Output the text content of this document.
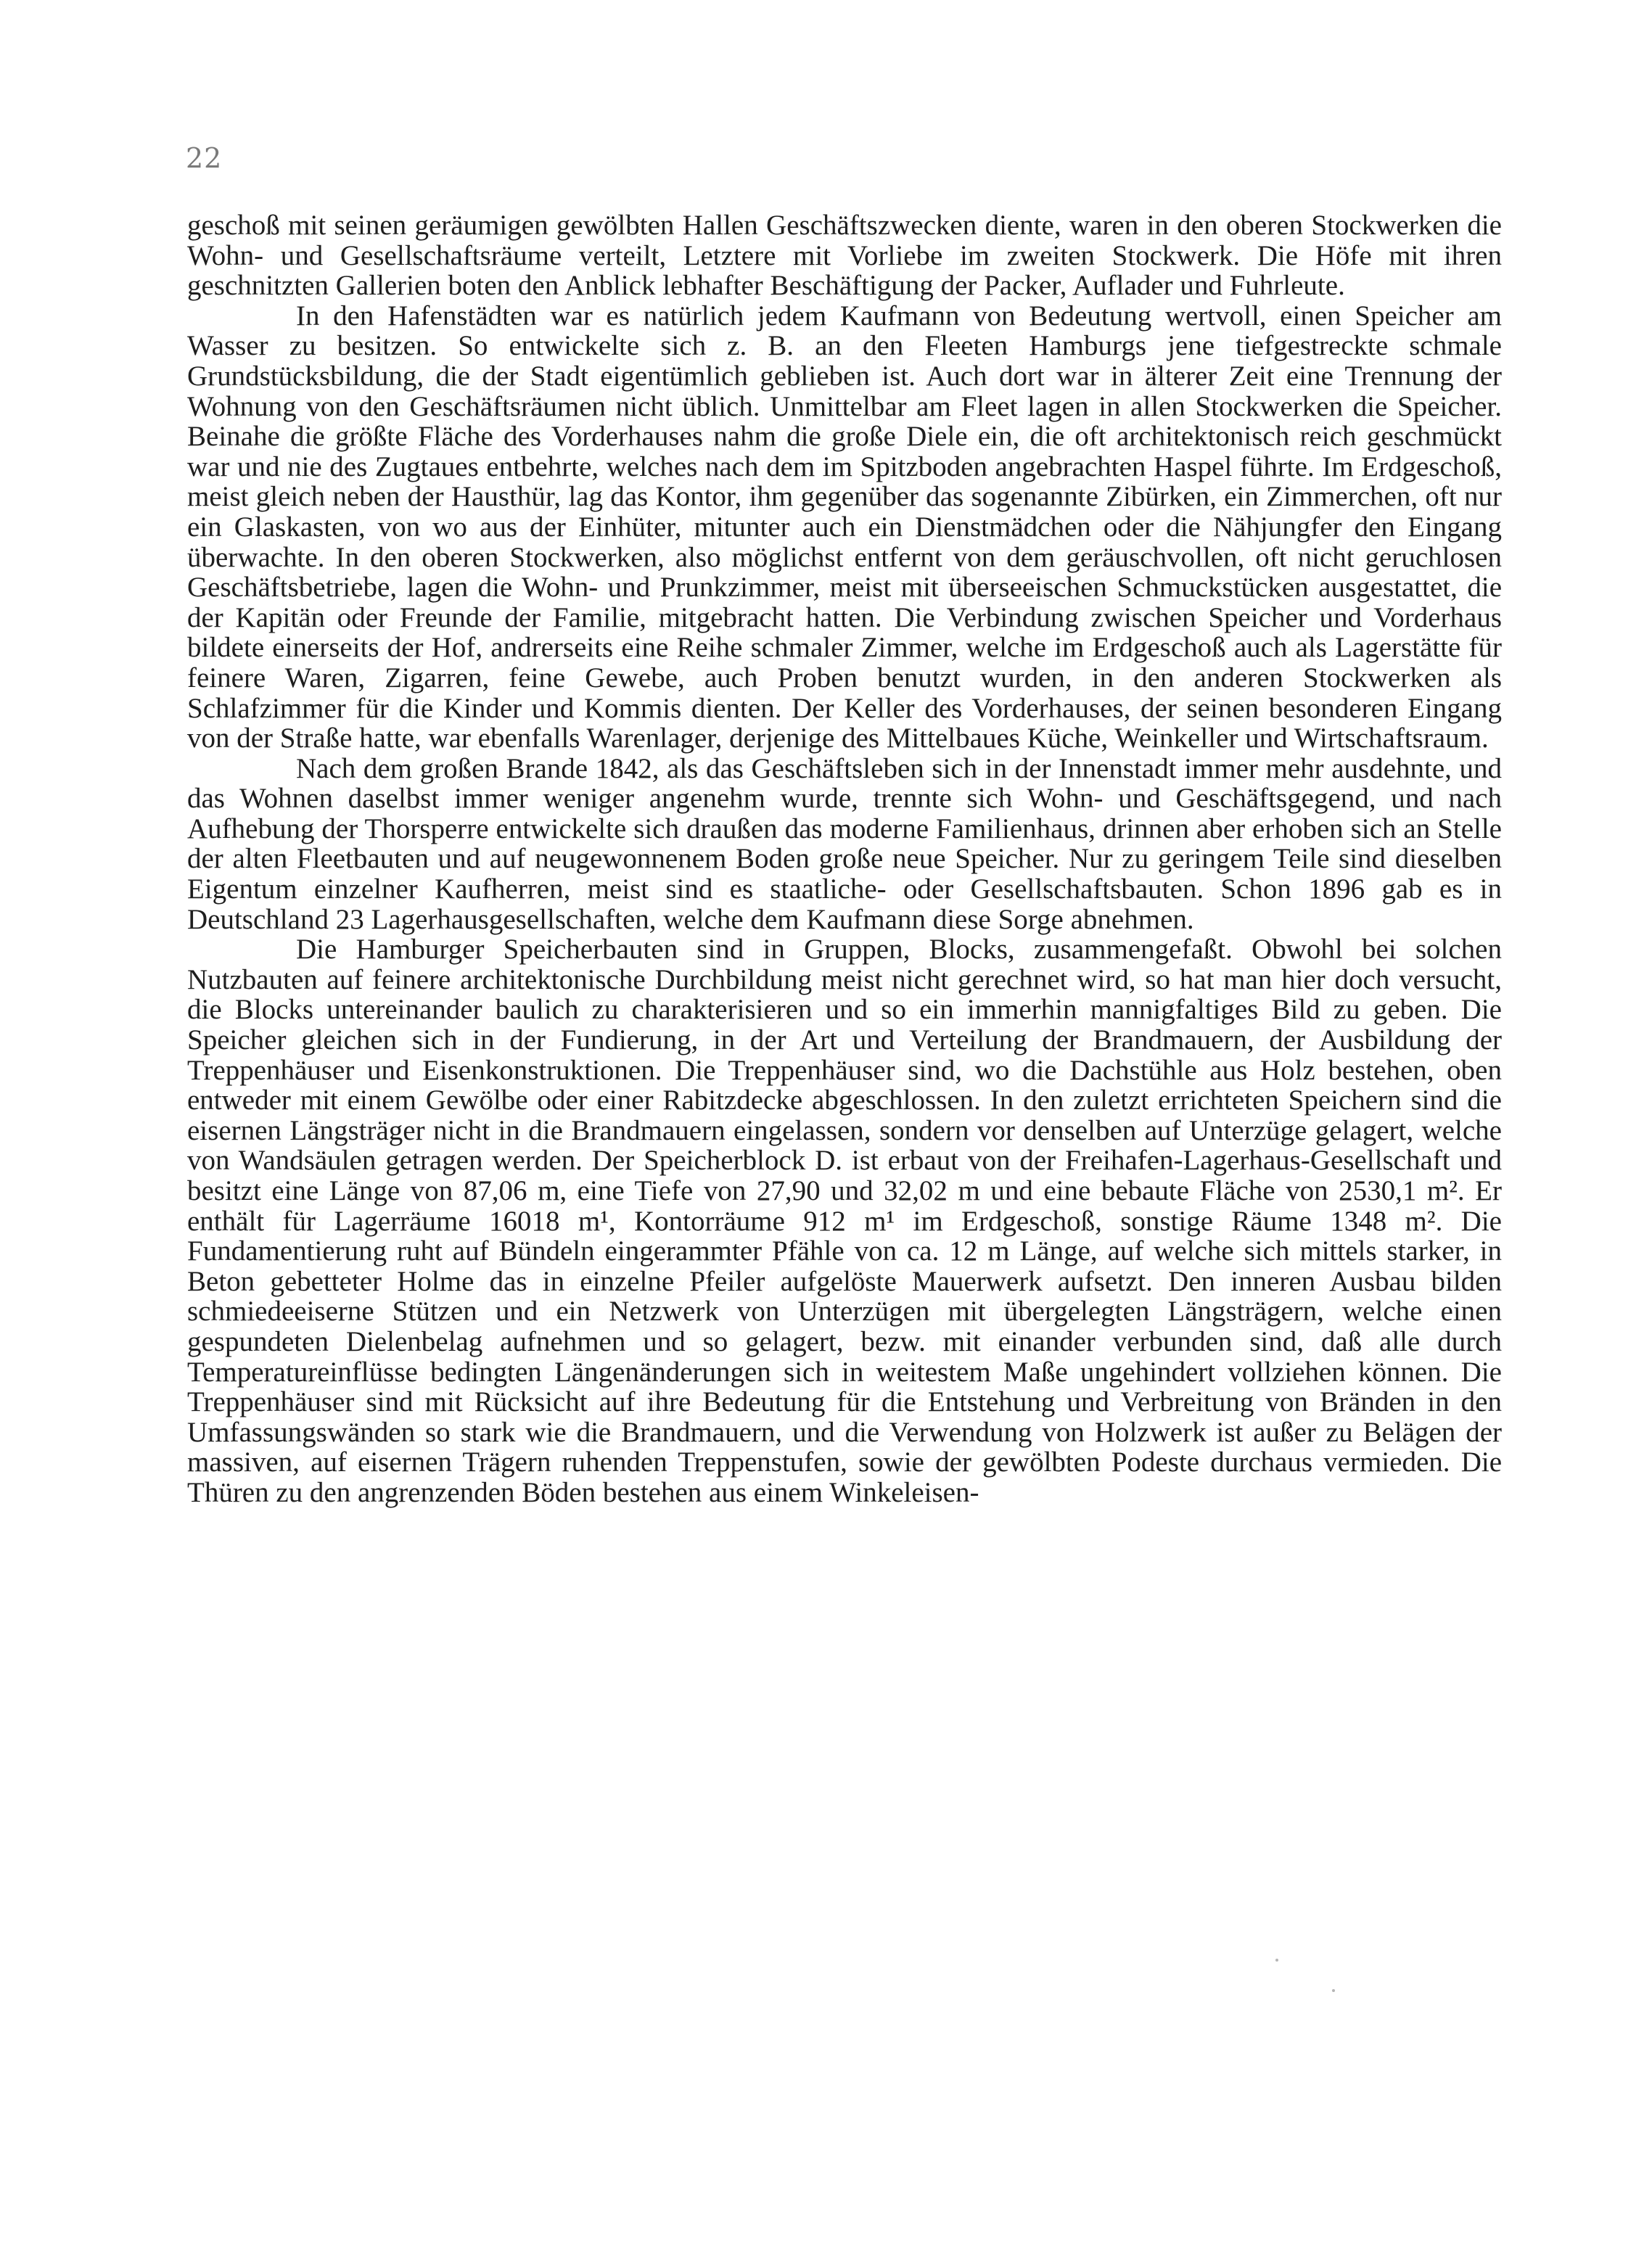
22

geschoß mit seinen geräumigen gewölbten Hallen Geschäftszwecken diente, waren in den oberen Stockwerken die Wohn- und Gesellschaftsräume verteilt, Letztere mit Vorliebe im zweiten Stockwerk. Die Höfe mit ihren geschnitzten Gallerien boten den Anblick lebhafter Beschäftigung der Packer, Auflader und Fuhrleute.

In den Hafenstädten war es natürlich jedem Kaufmann von Bedeutung wertvoll, einen Speicher am Wasser zu besitzen. So entwickelte sich z. B. an den Fleeten Hamburgs jene tiefgestreckte schmale Grundstücksbildung, die der Stadt eigentümlich geblieben ist. Auch dort war in älterer Zeit eine Trennung der Wohnung von den Geschäftsräumen nicht üblich. Unmittelbar am Fleet lagen in allen Stockwerken die Speicher. Beinahe die größte Fläche des Vorderhauses nahm die große Diele ein, die oft architektonisch reich geschmückt war und nie des Zugtaues entbehrte, welches nach dem im Spitzboden angebrachten Haspel führte. Im Erdgeschoß, meist gleich neben der Hausthür, lag das Kontor, ihm gegenüber das sogenannte Zibürken, ein Zimmerchen, oft nur ein Glaskasten, von wo aus der Einhüter, mitunter auch ein Dienstmädchen oder die Nähjungfer den Eingang überwachte. In den oberen Stockwerken, also möglichst entfernt von dem geräuschvollen, oft nicht geruchlosen Geschäftsbetriebe, lagen die Wohn- und Prunkzimmer, meist mit überseeischen Schmuckstücken ausgestattet, die der Kapitän oder Freunde der Familie, mitgebracht hatten. Die Verbindung zwischen Speicher und Vorderhaus bildete einerseits der Hof, andrerseits eine Reihe schmaler Zimmer, welche im Erdgeschoß auch als Lagerstätte für feinere Waren, Zigarren, feine Gewebe, auch Proben benutzt wurden, in den anderen Stockwerken als Schlafzimmer für die Kinder und Kommis dienten. Der Keller des Vorderhauses, der seinen besonderen Eingang von der Straße hatte, war ebenfalls Warenlager, derjenige des Mittelbaues Küche, Weinkeller und Wirtschaftsraum.

Nach dem großen Brande 1842, als das Geschäftsleben sich in der Innenstadt immer mehr ausdehnte, und das Wohnen daselbst immer weniger angenehm wurde, trennte sich Wohn- und Geschäftsgegend, und nach Aufhebung der Thorsperre entwickelte sich draußen das moderne Familienhaus, drinnen aber erhoben sich an Stelle der alten Fleetbauten und auf neugewonnenem Boden große neue Speicher. Nur zu geringem Teile sind dieselben Eigentum einzelner Kaufherren, meist sind es staatliche- oder Gesellschaftsbauten. Schon 1896 gab es in Deutschland 23 Lagerhausgesellschaften, welche dem Kaufmann diese Sorge abnehmen.

Die Hamburger Speicherbauten sind in Gruppen, Blocks, zusammengefaßt. Obwohl bei solchen Nutzbauten auf feinere architektonische Durchbildung meist nicht gerechnet wird, so hat man hier doch versucht, die Blocks untereinander baulich zu charakterisieren und so ein immerhin mannigfaltiges Bild zu geben. Die Speicher gleichen sich in der Fundierung, in der Art und Verteilung der Brandmauern, der Ausbildung der Treppenhäuser und Eisenkonstruktionen. Die Treppenhäuser sind, wo die Dachstühle aus Holz bestehen, oben entweder mit einem Gewölbe oder einer Rabitzdecke abgeschlossen. In den zuletzt errichteten Speichern sind die eisernen Längsträger nicht in die Brandmauern eingelassen, sondern vor denselben auf Unterzüge gelagert, welche von Wandsäulen getragen werden. Der Speicherblock D. ist erbaut von der Freihafen-Lagerhaus-Gesellschaft und besitzt eine Länge von 87,06 m, eine Tiefe von 27,90 und 32,02 m und eine bebaute Fläche von 2530,1 m². Er enthält für Lagerräume 16018 m¹, Kontorräume 912 m¹ im Erdgeschoß, sonstige Räume 1348 m². Die Fundamentierung ruht auf Bündeln eingerammter Pfähle von ca. 12 m Länge, auf welche sich mittels starker, in Beton gebetteter Holme das in einzelne Pfeiler aufgelöste Mauerwerk aufsetzt. Den inneren Ausbau bilden schmiedeeiserne Stützen und ein Netzwerk von Unterzügen mit übergelegten Längsträgern, welche einen gespundeten Dielenbelag aufnehmen und so gelagert, bezw. mit einander verbunden sind, daß alle durch Temperatureinflüsse bedingten Längenänderungen sich in weitestem Maße ungehindert vollziehen können. Die Treppenhäuser sind mit Rücksicht auf ihre Bedeutung für die Entstehung und Verbreitung von Bränden in den Umfassungswänden so stark wie die Brandmauern, und die Verwendung von Holzwerk ist außer zu Belägen der massiven, auf eisernen Trägern ruhenden Treppenstufen, sowie der gewölbten Podeste durchaus vermieden. Die Thüren zu den angrenzenden Böden bestehen aus einem Winkeleisen-
